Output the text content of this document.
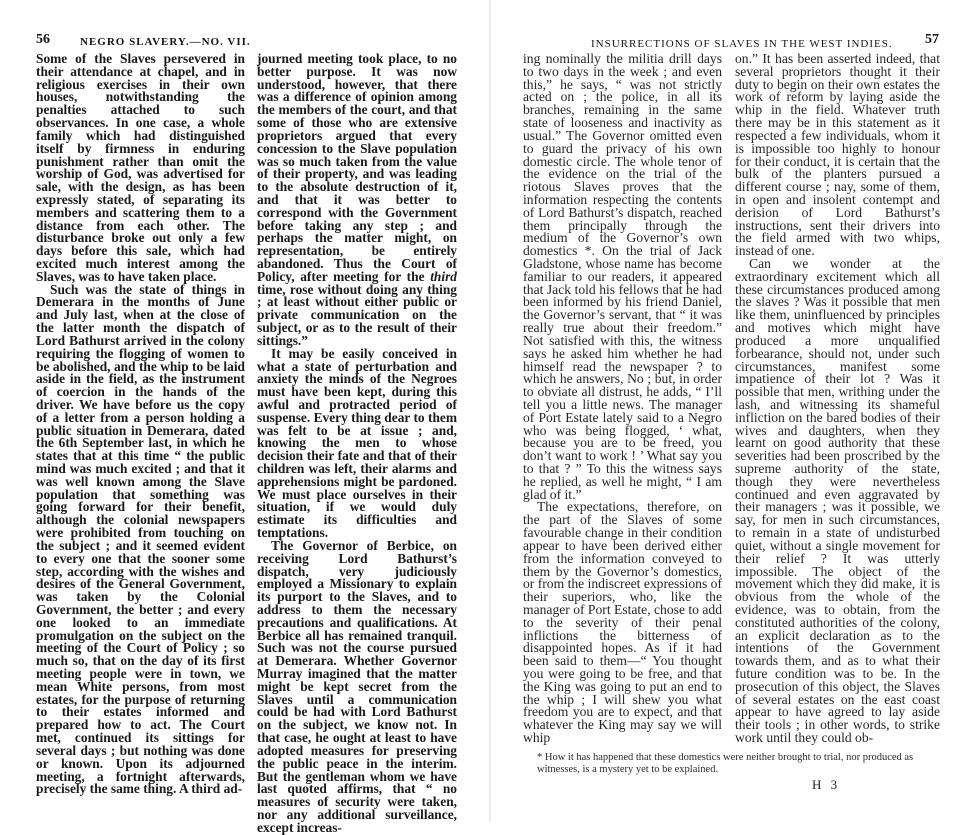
56	NEGRO SLAVERY.—NO. VII.

Some of the Slaves persevered in their attendance at chapel, and in religious exercises in their own houses, notwithstanding the penalties attached to such observances. In one case, a whole family which had distinguished itself by firmness in enduring punishment rather than omit the worship of God, was advertised for sale, with the design, as has been expressly stated, of separating its members and scattering them to a distance from each other. The disturbance broke out only a few days before this sale, which had excited much interest among the Slaves, was to have taken place.

Such was the state of things in Demerara in the months of June and July last, when at the close of the latter month the dispatch of Lord Bathurst arrived in the colony requiring the flogging of women to be abolished, and the whip to be laid aside in the field, as the instrument of coercion in the hands of the driver. We have before us the copy of a letter from a person holding a public situation in Demerara, dated the 6th September last, in which he states that at this time “ the public mind was much excited ; and that it was well known among the Slave population that something was going forward for their benefit, although the colonial newspapers were prohibited from touching on the subject ; and it seemed evident to every one that the sooner some step, according with the wishes and desires of the General Government, was taken by the Colonial Government, the better ; and every one looked to an immediate promulgation on the subject on the meeting of the Court of Policy ; so much so, that on the day of its first meeting people were in town, we mean White persons, from most estates, for the purpose of returning to their estates informed and prepared how to act. The Court met, continued its sittings for several days ; but nothing was done or known. Upon its adjourned meeting, a fortnight afterwards, precisely the same thing. A third ad-

journed meeting took place, to no better purpose. It was now understood, however, that there was a difference of opinion among the members of the court, and that some of those who are extensive proprietors argued that every concession to the Slave population was so much taken from the value of their property, and was leading to the absolute destruction of it, and that it was better to correspond with the Government before taking any step ; and perhaps the matter might, on representation, be entirely abandoned. Thus the Court of Policy, after meeting for the third time, rose without doing any thing ; at least without either public or private communication on the subject, or as to the result of their sittings.”

It may be easily conceived in what a state of perturbation and anxiety the minds of the Negroes must have been kept, during this awful and protracted period of suspense. Every thing dear to them was felt to be at issue ; and, knowing the men to whose decision their fate and that of their children was left, their alarms and apprehensions might be pardoned. We must place ourselves in their situation, if we would duly estimate its difficulties and temptations.

The Governor of Berbice, on receiving Lord Bathurst’s dispatch, very judiciously employed a Missionary to explain its purport to the Slaves, and to address to them the necessary precautions and qualifications. At Berbice all has remained tranquil. Such was not the course pursued at Demerara. Whether Governor Murray imagined that the matter might be kept secret from the Slaves until a communication could be had with Lord Bathurst on the subject, we know not. In that case, he ought at least to have adopted measures for preserving the public peace in the interim. But the gentleman whom we have last quoted affirms, that “ no measures of security were taken, nor any additional surveillance, except increas-

INSURRECTIONS OF SLAVES IN THE WEST INDIES. 57

ing nominally the militia drill days to two days in the week ; and even this,” he says, “ was not strictly acted on ; the police, in all its branches, remaining in the same state of looseness and inactivity as usual.” The Governor omitted even to guard the privacy of his own domestic circle. The whole tenor of the evidence on the trial of the riotous Slaves proves that the information respecting the contents of Lord Bathurst’s dispatch, reached them principally through the medium of the Governor’s own domestics *. On the trial of Jack Gladstone, whose name has become familiar to our readers, it appeared that Jack told his fellows that he had been informed by his friend Daniel, the Governor’s servant, that “ it was really true about their freedom.” Not satisfied with this, the witness says he asked him whether he had himself read the newspaper ? to which he answers, No ; but, in order to obviate all distrust, he adds, “ I’ll tell you a little news. The manager of Port Estate lately said to a Negro who was being flogged, ‘ what, because you are to be freed, you don’t want to work ! ’ What say you to that ? ” To this the witness says he replied, as well he might, “ I am glad of it.”

The expectations, therefore, on the part of the Slaves of some favourable change in their condition appear to have been derived either from the information conveyed to them by the Governor’s domestics, or from the indiscreet expressions of their superiors, who, like the manager of Port Estate, chose to add to the severity of their penal inflictions the bitterness of disappointed hopes. As if it had been said to them—“ You thought you were going to be free, and that the King was going to put an end to the whip ; I will shew you what freedom you are to expect, and that whatever the King may say we will whip

on.” It has been asserted indeed, that several proprietors thought it their duty to begin on their own estates the work of reform by laying aside the whip in the field. Whatever truth there may be in this statement as it respected a few individuals, whom it is impossible too highly to honour for their conduct, it is certain that the bulk of the planters pursued a different course ; nay, some of them, in open and insolent contempt and derision of Lord Bathurst’s instructions, sent their drivers into the field armed with two whips, instead of one.

Can we wonder at the extraordinary excitement which all these circumstances produced among the slaves ? Was it possible that men like them, uninfluenced by principles and motives which might have produced a more unqualified forbearance, should not, under such circumstances, manifest some impatience of their lot ? Was it possible that men, writhing under the lash, and witnessing its shameful infliction on the bared bodies of their wives and daughters, when they learnt on good authority that these severities had been proscribed by the supreme authority of the state, though they were nevertheless continued and even aggravated by their managers ; was it possible, we say, for men in such circumstances, to remain in a state of undisturbed quiet, without a single movement for their relief ? It was utterly impossible. The object of the movement which they did make, it is obvious from the whole of the evidence, was to obtain, from the constituted authorities of the colony, an explicit declaration as to the intentions of the Government towards them, and as to what their future condition was to be. In the prosecution of this object, the Slaves of several estates on the east coast appear to have agreed to lay aside their tools ; in other words, to strike work until they could ob-

* How it has happened that these domestics were neither brought to trial, nor produced as witnesses, is a mystery yet to be explained.
H 3
